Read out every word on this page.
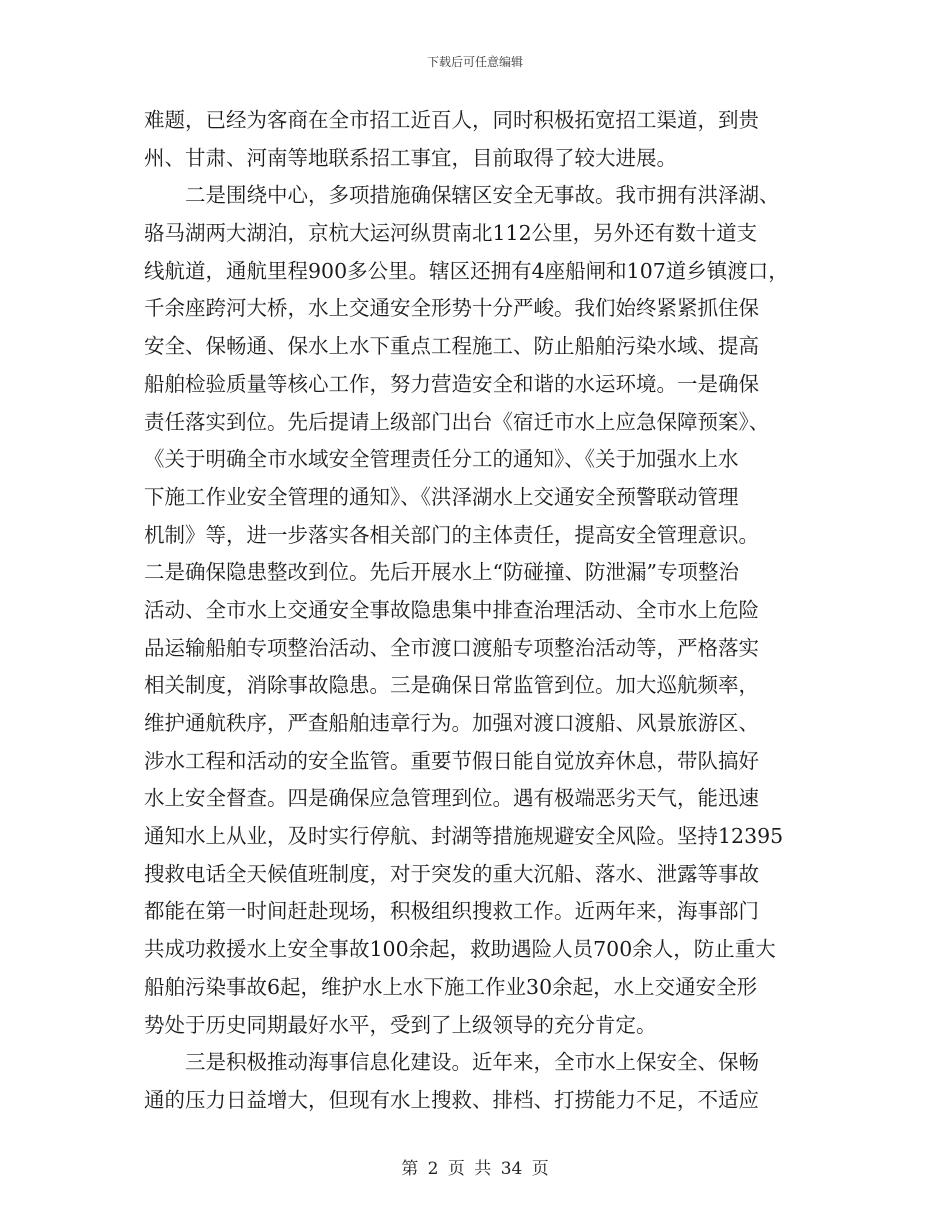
下载后可任意编辑
难题，已经为客商在全市招工近百人，同时积极拓宽招工渠道，到贵
州、甘肃、河南等地联系招工事宜，目前取得了较大进展。
二是围绕中心，多项措施确保辖区安全无事故。我市拥有洪泽湖、
骆马湖两大湖泊，京杭大运河纵贯南北112公里，另外还有数十道支
线航道，通航里程900多公里。辖区还拥有4座船闸和107道乡镇渡口，
千余座跨河大桥，水上交通安全形势十分严峻。我们始终紧紧抓住保
安全、保畅通、保水上水下重点工程施工、防止船舶污染水域、提高
船舶检验质量等核心工作，努力营造安全和谐的水运环境。一是确保
责任落实到位。先后提请上级部门出台《宿迁市水上应急保障预案》、
《关于明确全市水域安全管理责任分工的通知》、《关于加强水上水
下施工作业安全管理的通知》、《洪泽湖水上交通安全预警联动管理
机制》等，进一步落实各相关部门的主体责任，提高安全管理意识。
二是确保隐患整改到位。先后开展水上“防碰撞、防泄漏”专项整治
活动、全市水上交通安全事故隐患集中排查治理活动、全市水上危险
品运输船舶专项整治活动、全市渡口渡船专项整治活动等，严格落实
相关制度，消除事故隐患。三是确保日常监管到位。加大巡航频率，
维护通航秩序，严查船舶违章行为。加强对渡口渡船、风景旅游区、
涉水工程和活动的安全监管。重要节假日能自觉放弃休息，带队搞好
水上安全督查。四是确保应急管理到位。遇有极端恶劣天气，能迅速
通知水上从业，及时实行停航、封湖等措施规避安全风险。坚持12395
搜救电话全天候值班制度，对于突发的重大沉船、落水、泄露等事故
都能在第一时间赶赴现场，积极组织搜救工作。近两年来，海事部门
共成功救援水上安全事故100余起，救助遇险人员700余人，防止重大
船舶污染事故6起，维护水上水下施工作业30余起，水上交通安全形
势处于历史同期最好水平，受到了上级领导的充分肯定。
三是积极推动海事信息化建设。近年来，全市水上保安全、保畅
通的压力日益增大，但现有水上搜救、排档、打捞能力不足，不适应
第 2 页 共 34 页
